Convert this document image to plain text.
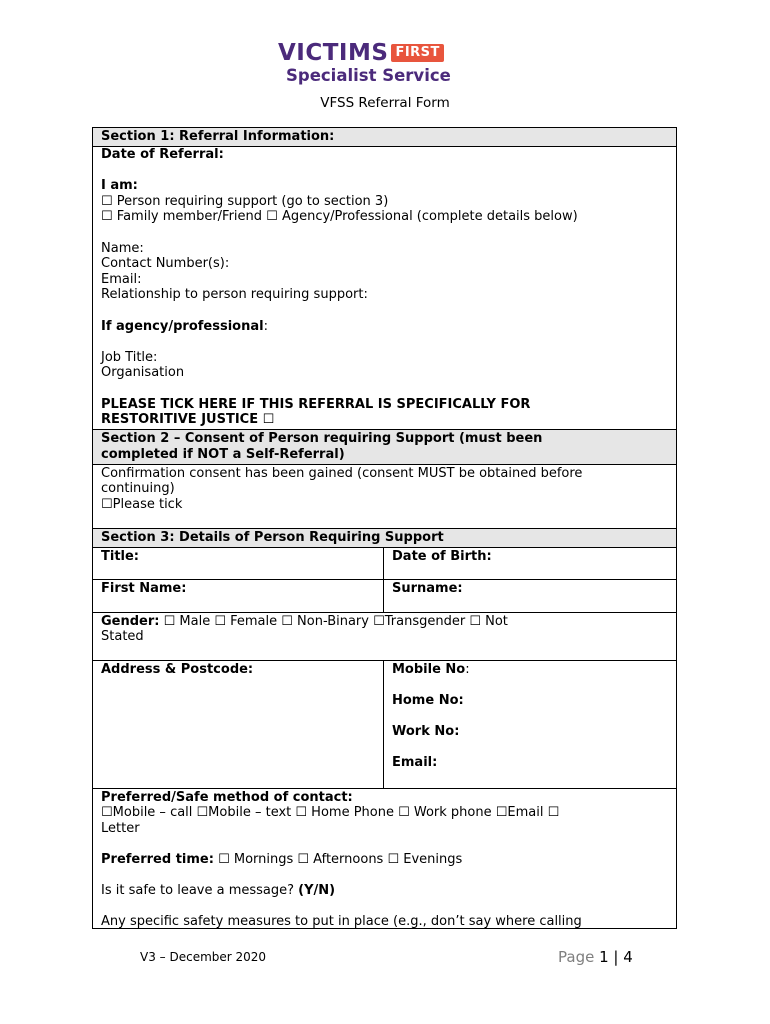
VICTIMS FIRST
Specialist Service
VFSS Referral Form
Section 1: Referral Information:
Date of Referral:
I am:
☐ Person requiring support (go to section 3)
☐ Family member/Friend ☐ Agency/Professional (complete details below)
Name:
Contact Number(s):
Email:
Relationship to person requiring support:
If agency/professional:
Job Title:
Organisation
PLEASE TICK HERE IF THIS REFERRAL IS SPECIFICALLY FOR
RESTORITIVE JUSTICE ☐
Section 2 – Consent of Person requiring Support (must been
completed if NOT a Self-Referral)
Confirmation consent has been gained (consent MUST be obtained before
continuing)
☐Please tick
Section 3: Details of Person Requiring Support
Title:	Date of Birth:
First Name:	Surname:
Gender: ☐ Male ☐ Female ☐ Non-Binary ☐Transgender ☐ Not
Stated
Address & Postcode:	Mobile No:
Home No:
Work No:
Email:
Preferred/Safe method of contact:
☐Mobile – call ☐Mobile – text ☐ Home Phone ☐ Work phone ☐Email ☐
Letter
Preferred time: ☐ Mornings ☐ Afternoons ☐ Evenings
Is it safe to leave a message? (Y/N)
Any specific safety measures to put in place (e.g., don’t say where calling
V3 – December 2020	Page 1 | 4
